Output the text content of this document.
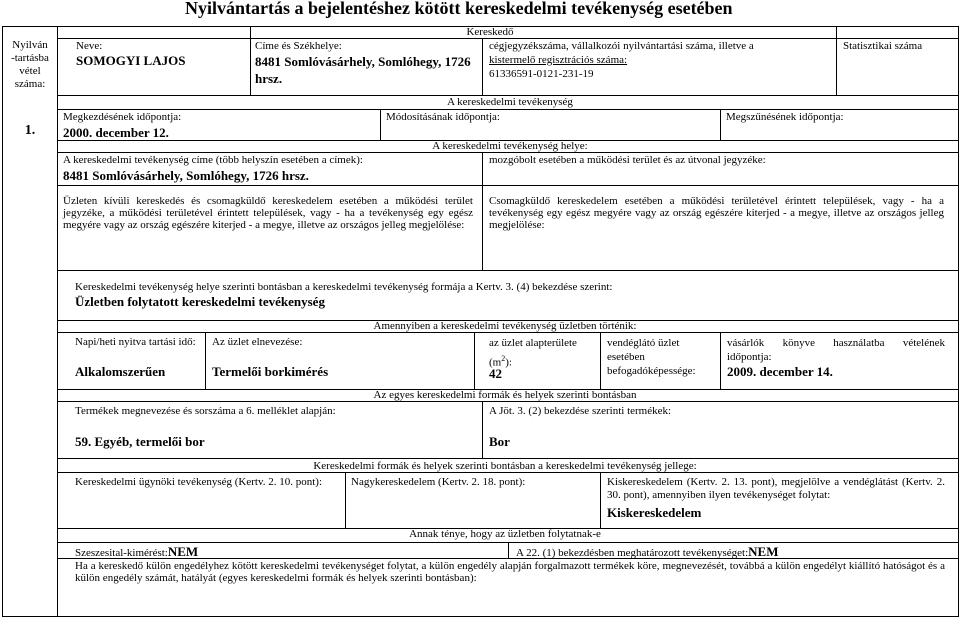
Nyilvántartás a bejelentéshez kötött kereskedelmi tevékenység esetében
Nyilván
-tartásba
vétel
száma:
1.
Kereskedő
Neve:
SOMOGYI LAJOS
Címe és Székhelye:
8481 Somlóvásárhely, Somlóhegy, 1726 hrsz.
cégjegyzékszáma, vállalkozói nyilvántartási száma, illetve a
kistermelő regisztrációs száma:
61336591-0121-231-19
Statisztikai száma
A kereskedelmi tevékenység
Megkezdésének időpontja:
2000. december 12.
Módosításának időpontja:	Megszűnésének időpontja:
A kereskedelmi tevékenység helye:
A kereskedelmi tevékenység címe (több helyszín esetében a címek):
8481 Somlóvásárhely, Somlóhegy, 1726 hrsz.
mozgóbolt esetében a működési terület és az útvonal jegyzéke:
Üzleten kívüli kereskedés és csomagküldő kereskedelem esetében a működési terület jegyzéke, a működési területével érintett települések, vagy - ha a tevékenység egy egész megyére vagy az ország egészére kiterjed - a megye, illetve az országos jelleg megjelölése:
Csomagküldő kereskedelem esetében a működési területével érintett települések, vagy - ha a tevékenység egy egész megyére vagy az ország egészére kiterjed - a megye, illetve az országos jelleg megjelölése:
Kereskedelmi tevékenység helye szerinti bontásban a kereskedelmi tevékenység formája a Kertv. 3. (4) bekezdése szerint:
Üzletben folytatott kereskedelmi tevékenység
Amennyiben a kereskedelmi tevékenység üzletben történik:
Napi/heti nyitva tartási idő:
Alkalomszerűen
Az üzlet elnevezése:
Termelői borkimérés
az üzlet alapterülete $(m^2)$:
42
vendéglátó üzlet esetében befogadóképessége:
vásárlók könyve használatba vételének időpontja:
2009. december 14.
Az egyes kereskedelmi formák és helyek szerinti bontásban
Termékek megnevezése és sorszáma a 6. melléklet alapján:
59. Egyéb, termelői bor
A Jöt. 3. (2) bekezdése szerinti termékek:
Bor
Kereskedelmi formák és helyek szerinti bontásban a kereskedelmi tevékenység jellege:
Kereskedelmi ügynöki tevékenység (Kertv. 2. 10. pont):	Nagykereskedelem (Kertv. 2. 18. pont):	Kiskereskedelem (Kertv. 2. 13. pont), megjelölve a vendéglátást (Kertv. 2. 30. pont), amennyiben ilyen tevékenységet folytat:
Kiskereskedelem
Annak ténye, hogy az üzletben folytatnak-e
Szeszesital-kimérést:NEM	A 22. (1) bekezdésben meghatározott tevékenységet:NEM
Ha a kereskedő külön engedélyhez kötött kereskedelmi tevékenységet folytat, a külön engedély alapján forgalmazott termékek köre, megnevezését, továbbá a külön engedélyt kiállító hatóságot és a külön engedély számát, hatályát (egyes kereskedelmi formák és helyek szerinti bontásban):
